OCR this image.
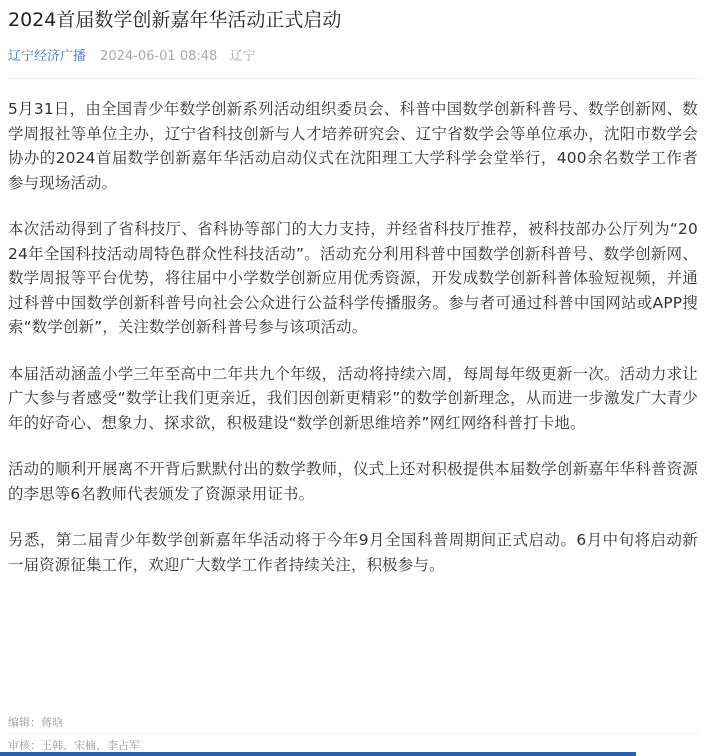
2024首届数学创新嘉年华活动正式启动
辽宁经济广播 2024-06-01 08:48 辽宁

5月31日，由全国青少年数学创新系列活动组织委员会、科普中国数学创新科普号、数学创新网、数学周报社等单位主办，辽宁省科技创新与人才培养研究会、辽宁省数学会等单位承办，沈阳市数学会协办的2024首届数学创新嘉年华活动启动仪式在沈阳理工大学科学会堂举行，400余名数学工作者参与现场活动。

本次活动得到了省科技厅、省科协等部门的大力支持，并经省科技厅推荐，被科技部办公厅列为“2024年全国科技活动周特色群众性科技活动”。活动充分利用科普中国数学创新科普号、数学创新网、数学周报等平台优势，将往届中小学数学创新应用优秀资源，开发成数学创新科普体验短视频，并通过科普中国数学创新科普号向社会公众进行公益科学传播服务。参与者可通过科普中国网站或APP搜索“数学创新”，关注数学创新科普号参与该项活动。

本届活动涵盖小学三年至高中二年共九个年级，活动将持续六周，每周每年级更新一次。活动力求让广大参与者感受“数学让我们更亲近，我们因创新更精彩”的数学创新理念，从而进一步激发广大青少年的好奇心、想象力、探求欲，积极建设“数学创新思维培养”网红网络科普打卡地。

活动的顺利开展离不开背后默默付出的数学教师，仪式上还对积极提供本届数学创新嘉年华科普资源的李思等6名教师代表颁发了资源录用证书。

另悉，第二届青少年数学创新嘉年华活动将于今年9月全国科普周期间正式启动。6月中旬将启动新一届资源征集工作，欢迎广大数学工作者持续关注，积极参与。

编辑：蒋晗
审核：王韩、宋楠、李占军
